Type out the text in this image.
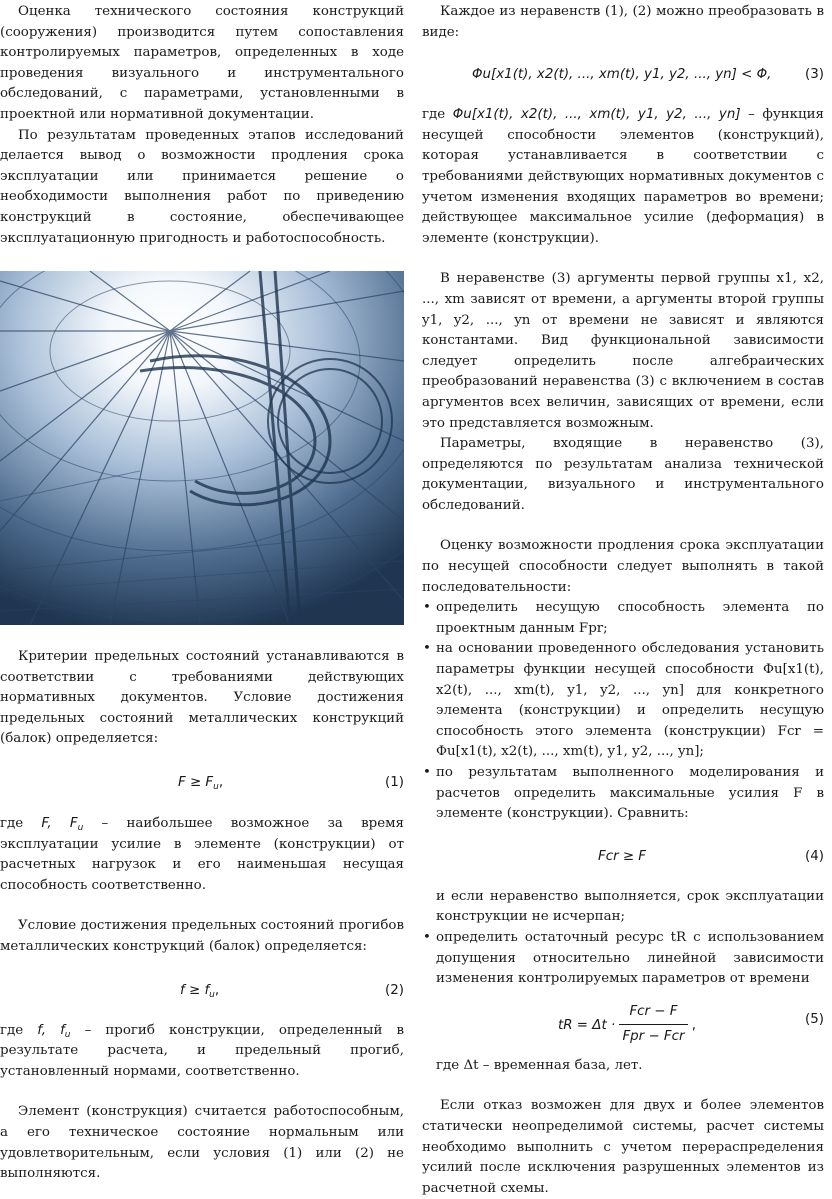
Оценка технического состояния конструкций (сооружения) производится путем сопоставления контролируемых параметров, определенных в ходе проведения визуального и инструментального обследований, с параметрами, установленными в проектной или нормативной документации.

По результатам проведенных этапов исследований делается вывод о возможности продления срока эксплуатации или принимается решение о необходимости выполнения работ по приведению конструкций в состояние, обеспечивающее эксплуатационную пригодность и работоспособность.

Критерии предельных состояний устанавливаются в соответствии с требованиями действующих нормативных документов. Условие достижения предельных состояний металлических конструкций (балок) определяется:

$F \ge F_u$,	(1)

где F, $F_u$ – наибольшее возможное за время эксплуатации усилие в элементе (конструкции) от расчетных нагрузок и его наименьшая несущая способность соответственно.

Условие достижения предельных состояний прогибов металлических конструкций (балок) определяется:

$f \ge f_u$,	(2)

где f, $f_u$ – прогиб конструкции, определенный в результате расчета, и предельный прогиб, установленный нормами, соответственно.

Элемент (конструкция) считается работоспособным, а его техническое состояние нормальным или удовлетворительным, если условия (1) или (2) не выполняются.

Каждое из неравенств (1), (2) можно преобразовать в виде:

Φu[x1(t), x2(t), ..., xm(t), y1, y2, ..., yn] < Φ,	(3)

где Φu[x1(t), x2(t), ..., xm(t), y1, y2, ..., yn] – функция несущей способности элементов (конструкций), которая устанавливается в соответствии с требованиями действующих нормативных документов с учетом изменения входящих параметров во времени; действующее максимальное усилие (деформация) в элементе (конструкции).

В неравенстве (3) аргументы первой группы x1, x2, ..., xm зависят от времени, а аргументы второй группы y1, y2, ..., yn от времени не зависят и являются константами. Вид функциональной зависимости следует определить после алгебраических преобразований неравенства (3) с включением в состав аргументов всех величин, зависящих от времени, если это представляется возможным.

Параметры, входящие в неравенство (3), определяются по результатам анализа технической документации, визуального и инструментального обследований.

Оценку возможности продления срока эксплуатации по несущей способности следует выполнять в такой последовательности:

• определить несущую способность элемента по проектным данным Fpr;
• на основании проведенного обследования установить параметры функции несущей способности Φu[x1(t), x2(t), ..., xm(t), y1, y2, ..., yn] для конкретного элемента (конструкции) и определить несущую способность этого элемента (конструкции) Fcr = Φu[x1(t), x2(t), ..., xm(t), y1, y2, ..., yn];
• по результатам выполненного моделирования и расчетов определить максимальные усилия F в элементе (конструкции). Сравнить:
Fcr ≥ F	(4)

и если неравенство выполняется, срок эксплуатации конструкции не исчерпан;

• определить остаточный ресурс tR с использованием допущения относительно линейной зависимости изменения контролируемых параметров от времени
tR = $\Delta t \cdot \frac{\text{Fcr − F}}{\text{Fpr − Fcr}}$ ,	(5)

где Δt – временная база, лет.

Если отказ возможен для двух и более элементов статически неопределимой системы, расчет системы необходимо выполнить с учетом перераспределения усилий после исключения разрушенных элементов из расчетной схемы.
